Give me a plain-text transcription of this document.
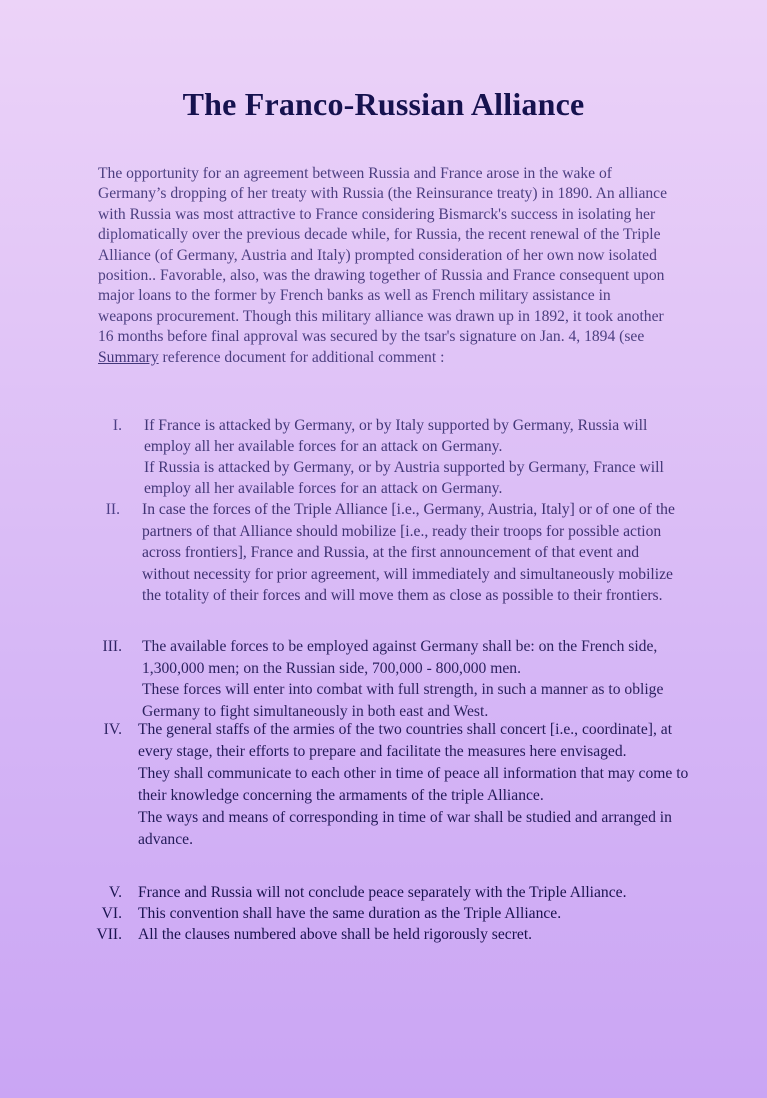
The Franco-Russian Alliance

The opportunity for an agreement between Russia and France arose in the wake of Germany’s dropping of her treaty with Russia (the Reinsurance treaty) in 1890. An alliance with Russia was most attractive to France considering Bismarck's success in isolating her diplomatically over the previous decade while, for Russia, the recent renewal of the Triple Alliance (of Germany, Austria and Italy) prompted consideration of her own now isolated position.. Favorable, also, was the drawing together of Russia and France consequent upon major loans to the former by French banks as well as French military assistance in weapons procurement. Though this military alliance was drawn up in 1892, it took another 16 months before final approval was secured by the tsar's signature on Jan. 4, 1894 (see Summary reference document for additional comment :

I. If France is attacked by Germany, or by Italy supported by Germany, Russia will employ all her available forces for an attack on Germany.
If Russia is attacked by Germany, or by Austria supported by Germany, France will employ all her available forces for an attack on Germany.
II. In case the forces of the Triple Alliance [i.e., Germany, Austria, Italy] or of one of the partners of that Alliance should mobilize [i.e., ready their troops for possible action across frontiers], France and Russia, at the first announcement of that event and without necessity for prior agreement, will immediately and simultaneously mobilize the totality of their forces and will move them as close as possible to their frontiers.
III. The available forces to be employed against Germany shall be: on the French side, 1,300,000 men; on the Russian side, 700,000 - 800,000 men.
These forces will enter into combat with full strength, in such a manner as to oblige Germany to fight simultaneously in both east and West.
IV. The general staffs of the armies of the two countries shall concert [i.e., coordinate], at every stage, their efforts to prepare and facilitate the measures here envisaged.
They shall communicate to each other in time of peace all information that may come to their knowledge concerning the armaments of the triple Alliance.
The ways and means of corresponding in time of war shall be studied and arranged in advance.
V. France and Russia will not conclude peace separately with the Triple Alliance.
VI. This convention shall have the same duration as the Triple Alliance.
VII. All the clauses numbered above shall be held rigorously secret.
